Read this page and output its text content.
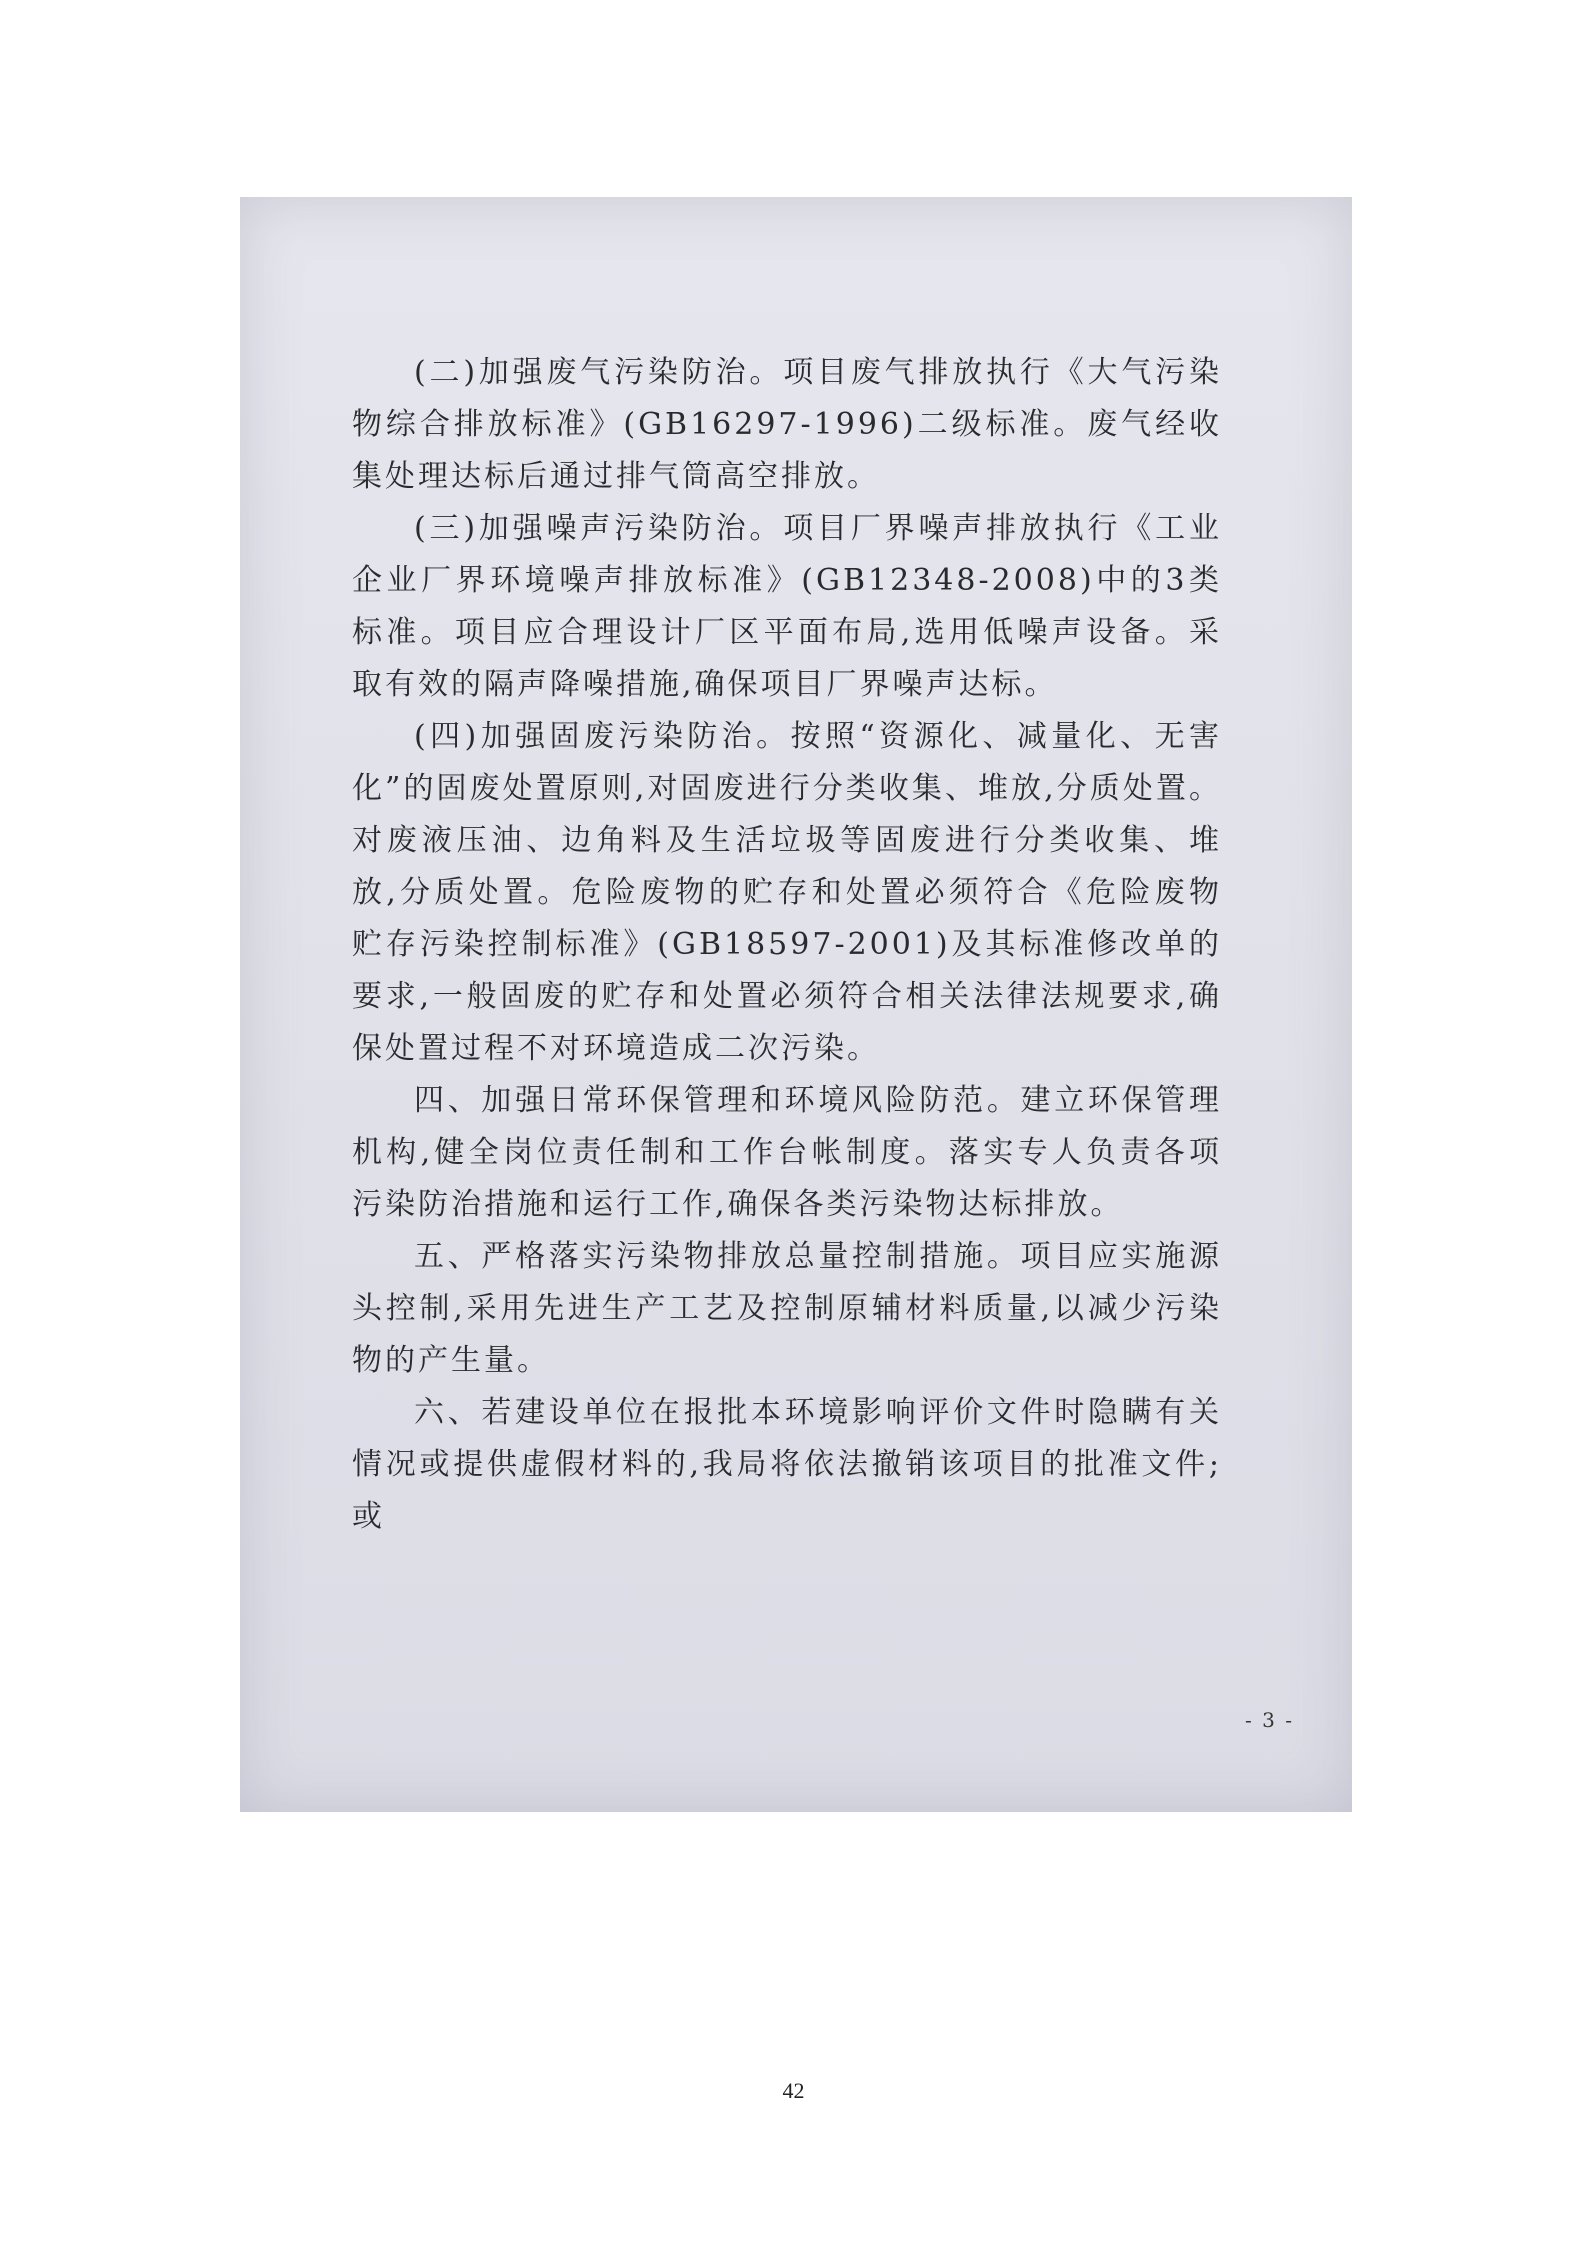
(二)加强废气污染防治。项目废气排放执行《大气污染物综合排放标准》(GB16297-1996)二级标准。废气经收集处理达标后通过排气筒高空排放。

(三)加强噪声污染防治。项目厂界噪声排放执行《工业企业厂界环境噪声排放标准》(GB12348-2008)中的3类标准。项目应合理设计厂区平面布局,选用低噪声设备。采取有效的隔声降噪措施,确保项目厂界噪声达标。

(四)加强固废污染防治。按照“资源化、减量化、无害化”的固废处置原则,对固废进行分类收集、堆放,分质处置。对废液压油、边角料及生活垃圾等固废进行分类收集、堆放,分质处置。危险废物的贮存和处置必须符合《危险废物贮存污染控制标准》(GB18597-2001)及其标准修改单的要求,一般固废的贮存和处置必须符合相关法律法规要求,确保处置过程不对环境造成二次污染。

四、加强日常环保管理和环境风险防范。建立环保管理机构,健全岗位责任制和工作台帐制度。落实专人负责各项污染防治措施和运行工作,确保各类污染物达标排放。

五、严格落实污染物排放总量控制措施。项目应实施源头控制,采用先进生产工艺及控制原辅材料质量,以减少污染物的产生量。

六、若建设单位在报批本环境影响评价文件时隐瞒有关情况或提供虚假材料的,我局将依法撤销该项目的批准文件;或

- 3 -
42
